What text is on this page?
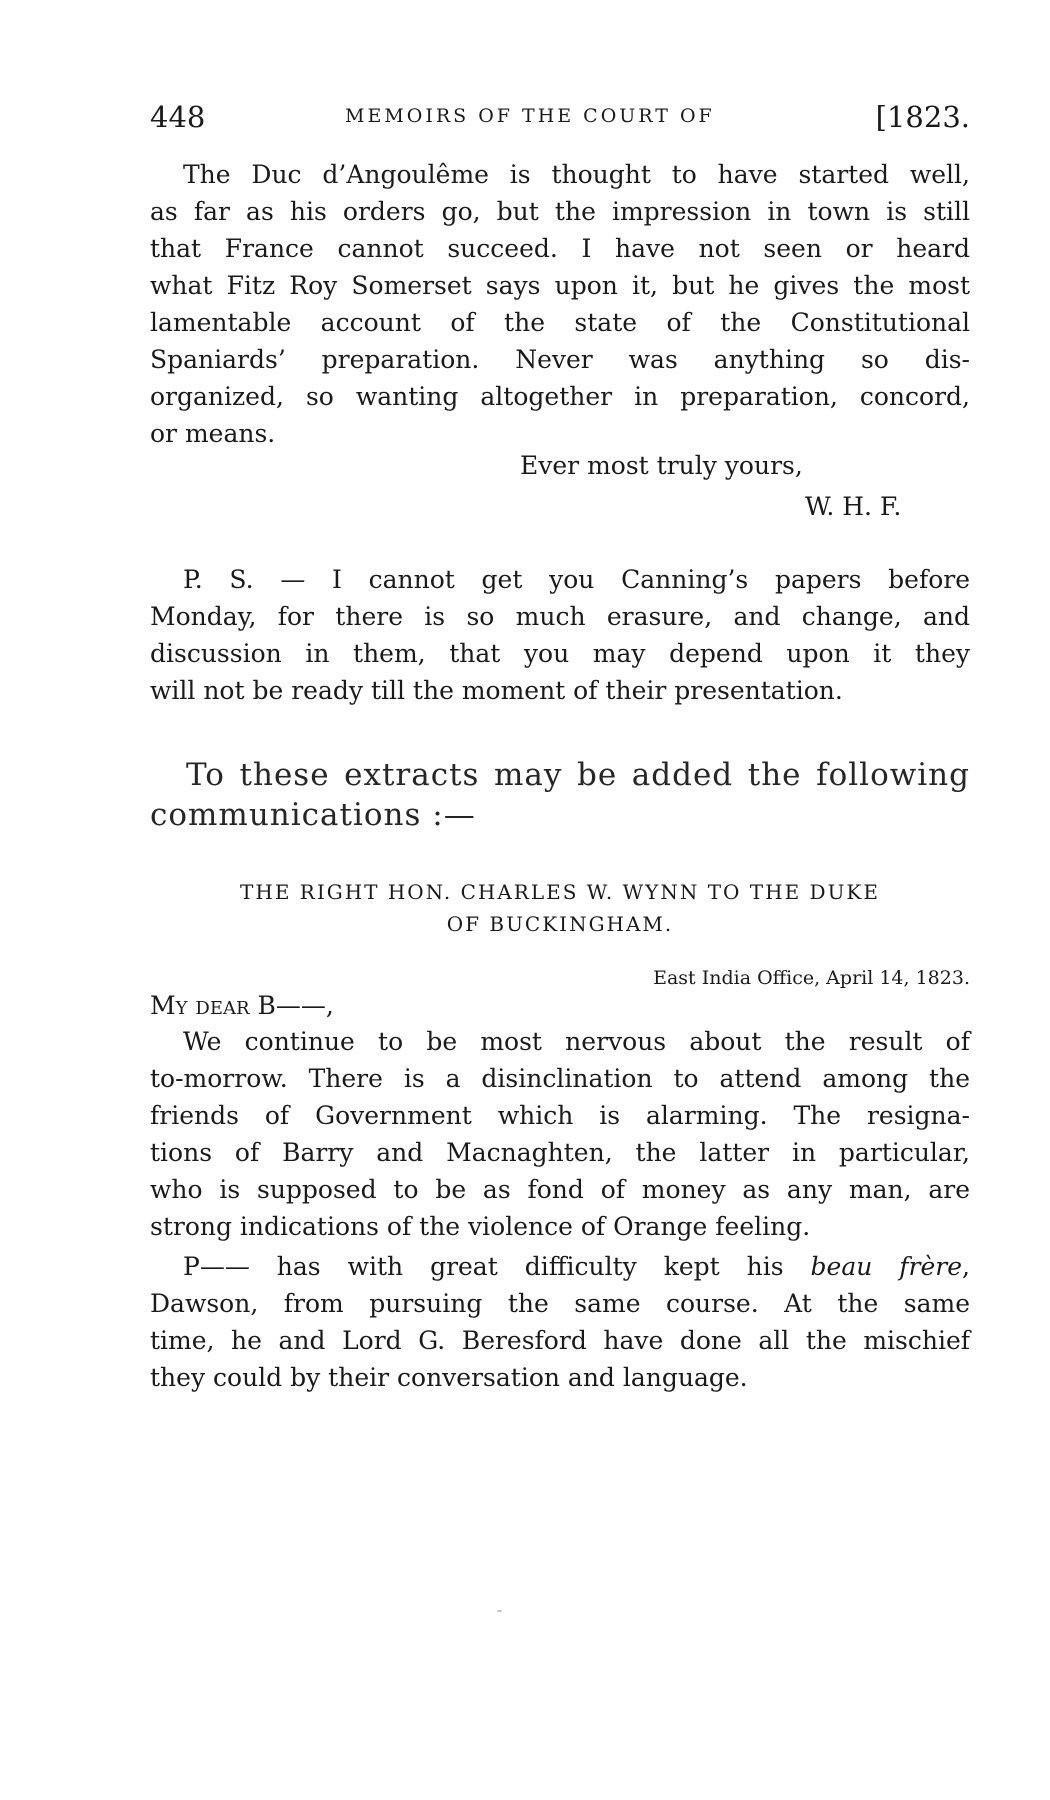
448	MEMOIRS OF THE COURT OF	[1823.
The Duc d’Angoulême is thought to have started well,
as far as his orders go, but the impression in town is still
that France cannot succeed. I have not seen or heard
what Fitz Roy Somerset says upon it, but he gives the most
lamentable account of the state of the Constitutional
Spaniards’ preparation. Never was anything so dis-
organized, so wanting altogether in preparation, concord,
or means.
Ever most truly yours,
W. H. F.
P. S. — I cannot get you Canning’s papers before
Monday, for there is so much erasure, and change, and
discussion in them, that you may depend upon it they
will not be ready till the moment of their presentation.
To these extracts may be added the following
communications :—
THE RIGHT HON. CHARLES W. WYNN TO THE DUKE
OF BUCKINGHAM.
East India Office, April 14, 1823.
My dear B——,
We continue to be most nervous about the result of
to-morrow. There is a disinclination to attend among the
friends of Government which is alarming. The resigna-
tions of Barry and Macnaghten, the latter in particular,
who is supposed to be as fond of money as any man, are
strong indications of the violence of Orange feeling.
P—— has with great difficulty kept his beau frère,
Dawson, from pursuing the same course. At the same
time, he and Lord G. Beresford have done all the mischief
they could by their conversation and language.
